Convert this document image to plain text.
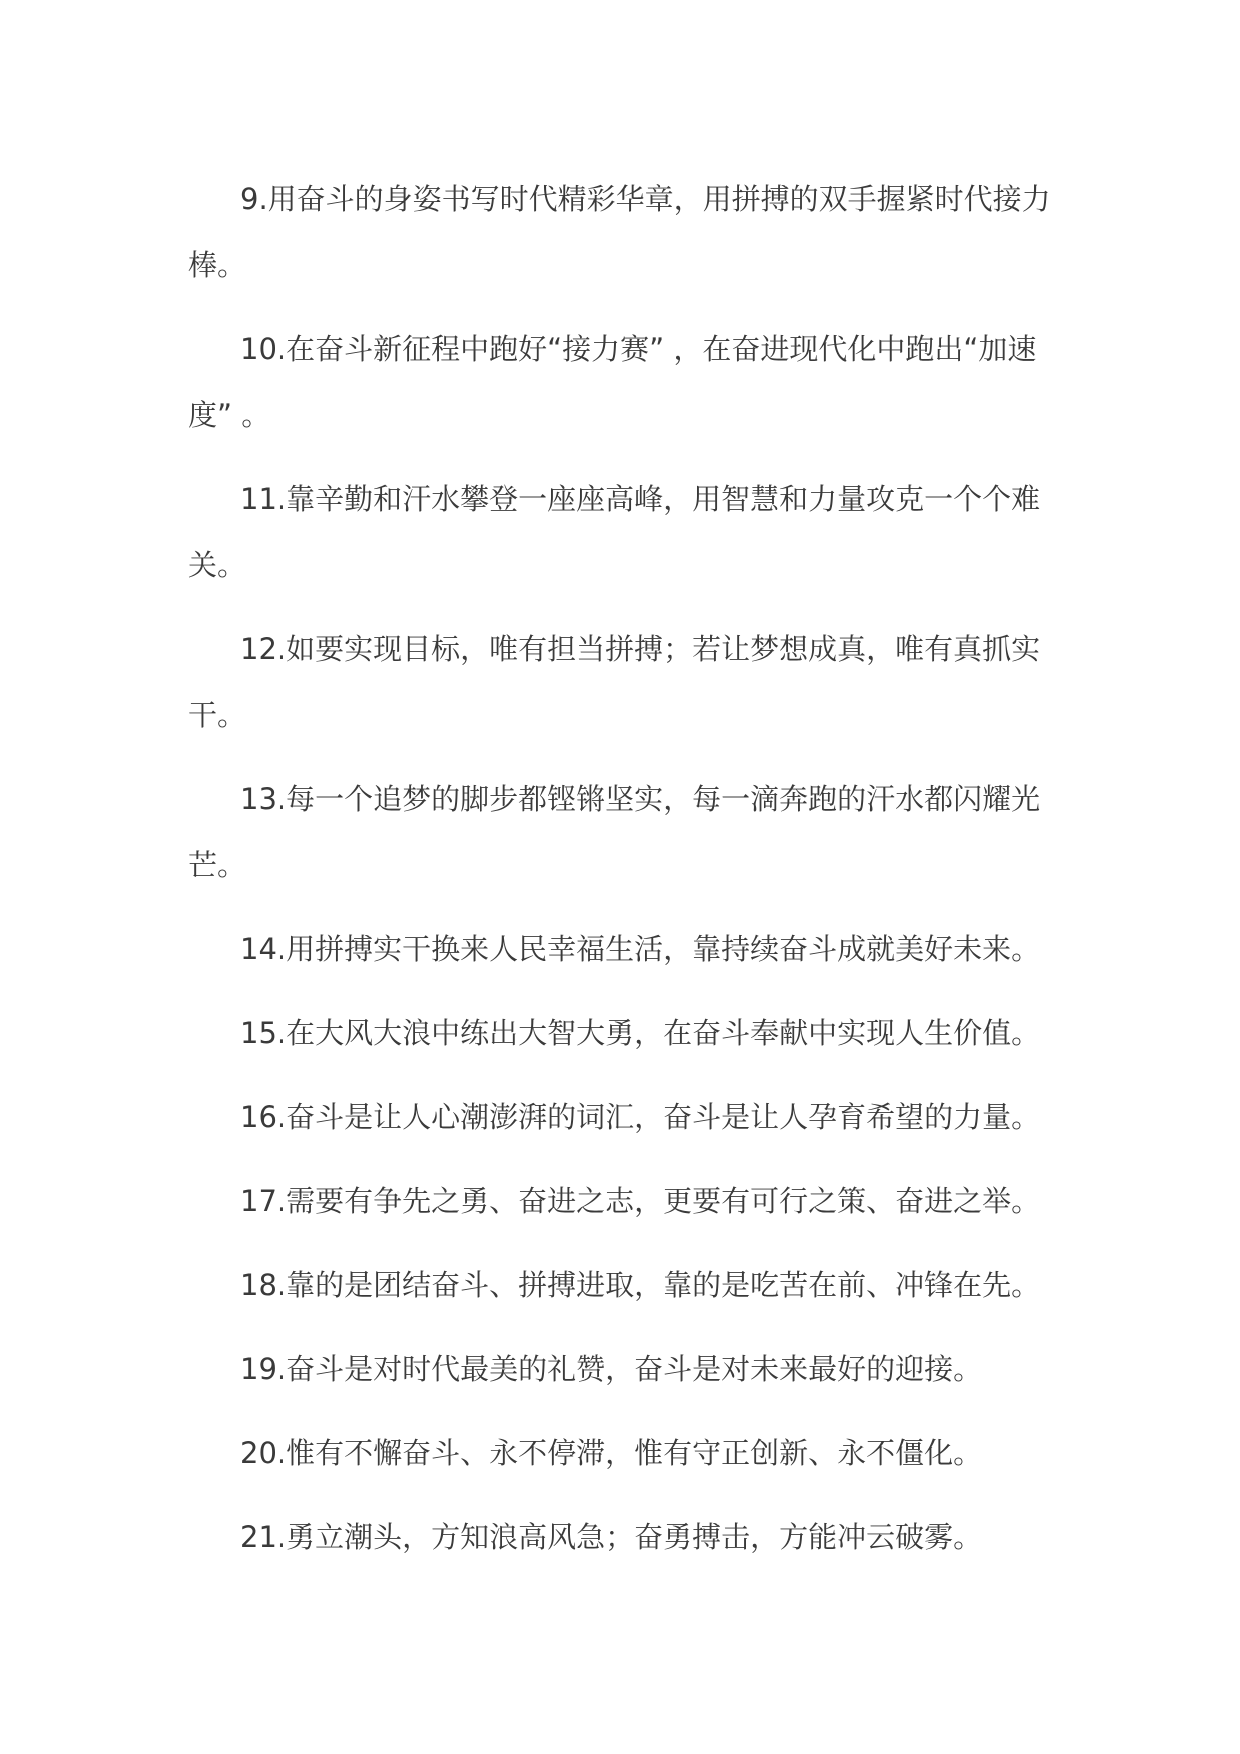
9.用奋斗的身姿书写时代精彩华章，用拼搏的双手握紧时代接力棒。

10.在奋斗新征程中跑好“接力赛” ，在奋进现代化中跑出“加速度” 。

11.靠辛勤和汗水攀登一座座高峰，用智慧和力量攻克一个个难关。

12.如要实现目标，唯有担当拼搏；若让梦想成真，唯有真抓实干。

13.每一个追梦的脚步都铿锵坚实，每一滴奔跑的汗水都闪耀光芒。

14.用拼搏实干换来人民幸福生活，靠持续奋斗成就美好未来。

15.在大风大浪中练出大智大勇，在奋斗奉献中实现人生价值。

16.奋斗是让人心潮澎湃的词汇，奋斗是让人孕育希望的力量。

17.需要有争先之勇、奋进之志，更要有可行之策、奋进之举。

18.靠的是团结奋斗、拼搏进取，靠的是吃苦在前、冲锋在先。

19.奋斗是对时代最美的礼赞，奋斗是对未来最好的迎接。

20.惟有不懈奋斗、永不停滞，惟有守正创新、永不僵化。

21.勇立潮头，方知浪高风急；奋勇搏击，方能冲云破雾。
